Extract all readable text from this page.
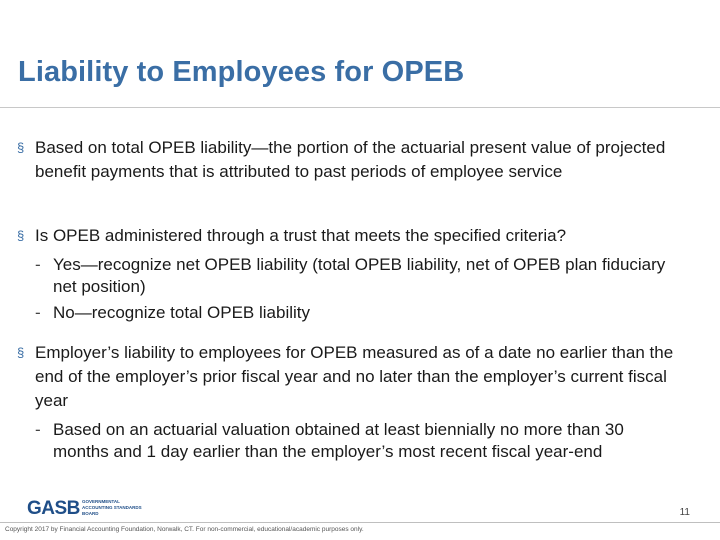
Liability to Employees for OPEB
§ Based on total OPEB liability—the portion of the actuarial present value of projected benefit payments that is attributed to past periods of employee service
§ Is OPEB administered through a trust that meets the specified criteria?
- Yes—recognize net OPEB liability (total OPEB liability, net of OPEB plan fiduciary net position)
- No—recognize total OPEB liability
§ Employer’s liability to employees for OPEB measured as of a date no earlier than the end of the employer’s prior fiscal year and no later than the employer’s current fiscal year
- Based on an actuarial valuation obtained at least biennially no more than 30 months and 1 day earlier than the employer’s most recent fiscal year-end
GASB GOVERNMENTAL ACCOUNTING STANDARDS BOARD	11
Copyright 2017 by Financial Accounting Foundation, Norwalk, CT. For non-commercial, educational/academic purposes only.
